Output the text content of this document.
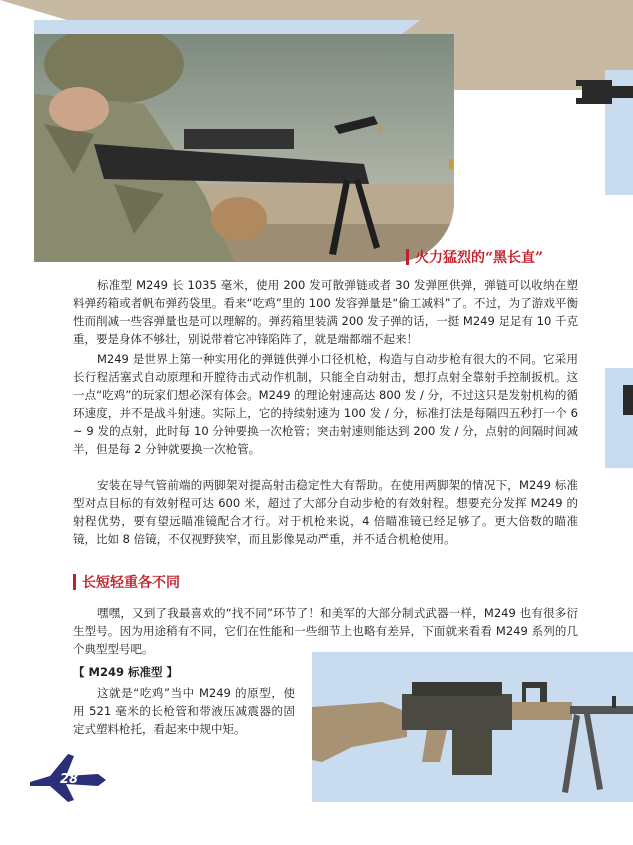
火力猛烈的“黑长直”

标准型 M249 长 1035 毫米，使用 200 发可散弹链或者 30 发弹匣供弹，弹链可以收纳在塑料弹药箱或者帆布弹药袋里。看来“吃鸡”里的 100 发容弹量是“偷工减料”了。不过，为了游戏平衡性而削减一些容弹量也是可以理解的。弹药箱里装满 200 发子弹的话，一挺 M249 足足有 10 千克重，要是身体不够壮，别说带着它冲锋陷阵了，就是端都端不起来！

M249 是世界上第一种实用化的弹链供弹小口径机枪，构造与自动步枪有很大的不同。它采用长行程活塞式自动原理和开膛待击式动作机制，只能全自动射击，想打点射全靠射手控制扳机。这一点“吃鸡”的玩家们想必深有体会。M249 的理论射速高达 800 发 / 分，不过这只是发射机构的循环速度，并不是战斗射速。实际上，它的持续射速为 100 发 / 分，标准打法是每隔四五秒打一个 6 ~ 9 发的点射，此时每 10 分钟要换一次枪管；突击射速则能达到 200 发 / 分，点射的间隔时间减半，但是每 2 分钟就要换一次枪管。

安装在导气管前端的两脚架对提高射击稳定性大有帮助。在使用两脚架的情况下，M249 标准型对点目标的有效射程可达 600 米，超过了大部分自动步枪的有效射程。想要充分发挥 M249 的射程优势，要有望远瞄准镜配合才行。对于机枪来说，4 倍瞄准镜已经足够了。更大倍数的瞄准镜，比如 8 倍镜，不仅视野狭窄，而且影像晃动严重，并不适合机枪使用。

长短轻重各不同

嘿嘿，又到了我最喜欢的“找不同”环节了！和美军的大部分制式武器一样，M249 也有很多衍生型号。因为用途稍有不同，它们在性能和一些细节上也略有差异，下面就来看看 M249 系列的几个典型型号吧。

【 M249 标准型 】

这就是“吃鸡”当中 M249 的原型，使用 521 毫米的长枪管和带液压减震器的固定式塑料枪托，看起来中规中矩。

28
